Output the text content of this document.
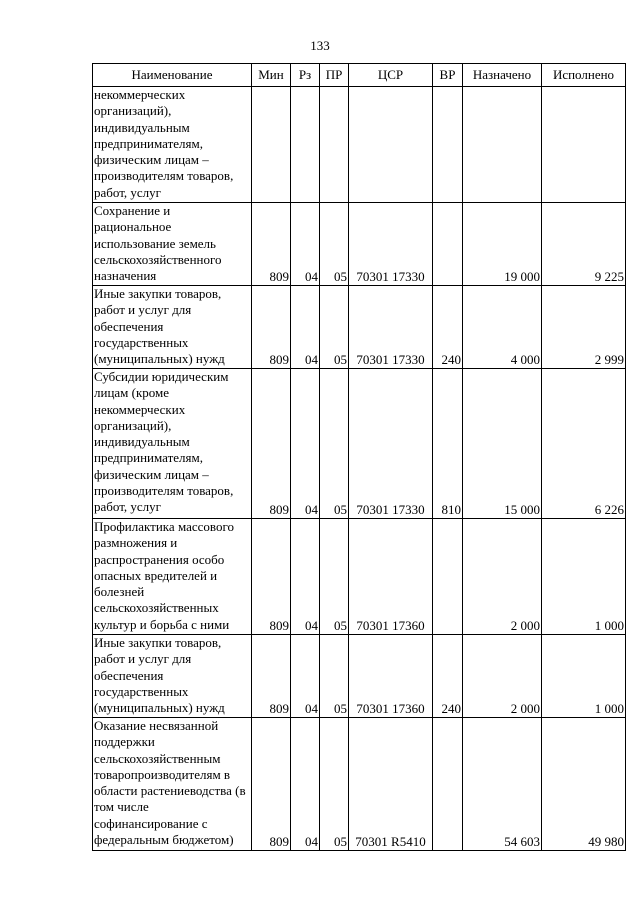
133
Наименование	Мин	Рз	ПР	ЦСР	ВР	Назначено	Исполнено
некоммерческих организаций), индивидуальным предпринимателям, физическим лицам – производителям товаров, работ, услуг							
Сохранение и рациональное использование земель сельскохозяйственного назначения	809	04	05	70301 17330		19 000	9 225
Иные закупки товаров, работ и услуг для обеспечения государственных (муниципальных) нужд	809	04	05	70301 17330	240	4 000	2 999
Субсидии юридическим лицам (кроме некоммерческих организаций), индивидуальным предпринимателям, физическим лицам – производителям товаров, работ, услуг	809	04	05	70301 17330	810	15 000	6 226
Профилактика массового размножения и распространения особо опасных вредителей и болезней сельскохозяйственных культур и борьба с ними	809	04	05	70301 17360		2 000	1 000
Иные закупки товаров, работ и услуг для обеспечения государственных (муниципальных) нужд	809	04	05	70301 17360	240	2 000	1 000
Оказание несвязанной поддержки сельскохозяйственным товаропроизводителям в области растениеводства (в том числе софинансирование с федеральным бюджетом)	809	04	05	70301 R5410		54 603	49 980
